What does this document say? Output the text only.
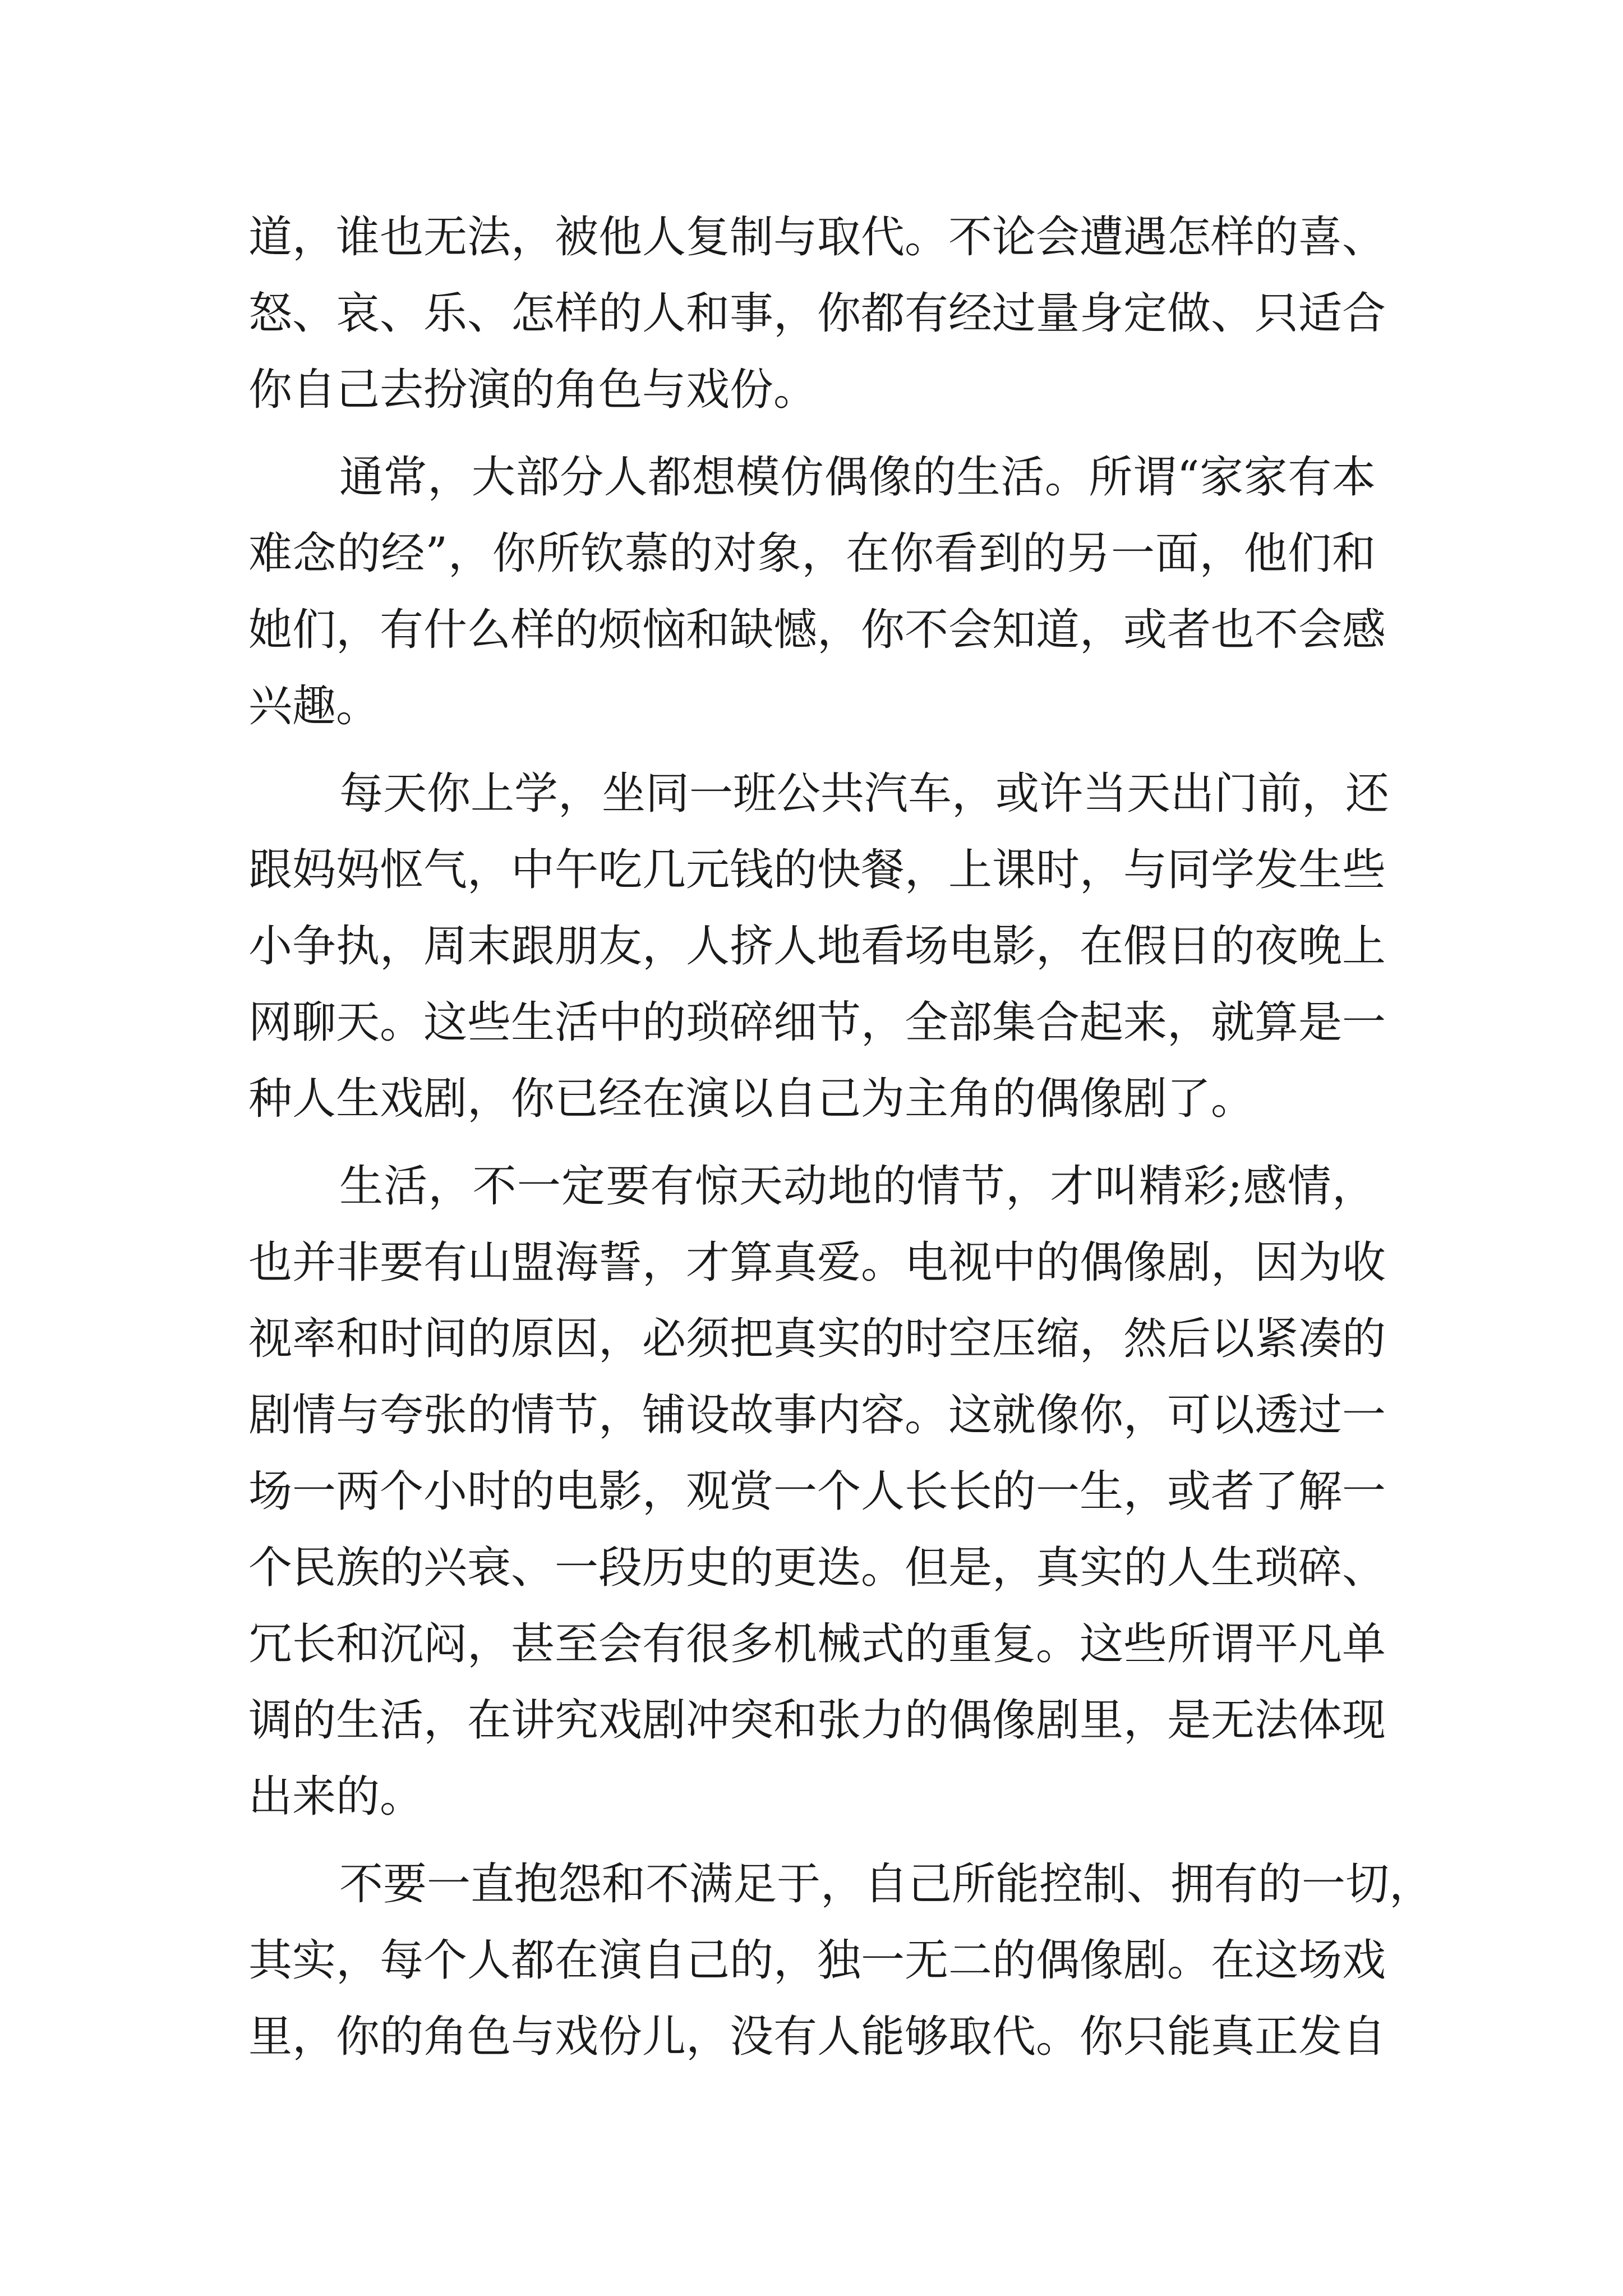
道，谁也无法，被他人复制与取代。不论会遭遇怎样的喜、
怒、哀、乐、怎样的人和事，你都有经过量身定做、只适合
你自己去扮演的角色与戏份。
通常，大部分人都想模仿偶像的生活。所谓“家家有本
难念的经”，你所钦慕的对象，在你看到的另一面，他们和
她们，有什么样的烦恼和缺憾，你不会知道，或者也不会感
兴趣。
每天你上学，坐同一班公共汽车，或许当天出门前，还
跟妈妈怄气，中午吃几元钱的快餐，上课时，与同学发生些
小争执，周末跟朋友，人挤人地看场电影，在假日的夜晚上
网聊天。这些生活中的琐碎细节，全部集合起来，就算是一
种人生戏剧，你已经在演以自己为主角的偶像剧了。
生活，不一定要有惊天动地的情节，才叫精彩;感情，
也并非要有山盟海誓，才算真爱。电视中的偶像剧，因为收
视率和时间的原因，必须把真实的时空压缩，然后以紧凑的
剧情与夸张的情节，铺设故事内容。这就像你，可以透过一
场一两个小时的电影，观赏一个人长长的一生，或者了解一
个民族的兴衰、一段历史的更迭。但是，真实的人生琐碎、
冗长和沉闷，甚至会有很多机械式的重复。这些所谓平凡单
调的生活，在讲究戏剧冲突和张力的偶像剧里，是无法体现
出来的。
不要一直抱怨和不满足于，自己所能控制、拥有的一切，
其实，每个人都在演自己的，独一无二的偶像剧。在这场戏
里，你的角色与戏份儿，没有人能够取代。你只能真正发自
